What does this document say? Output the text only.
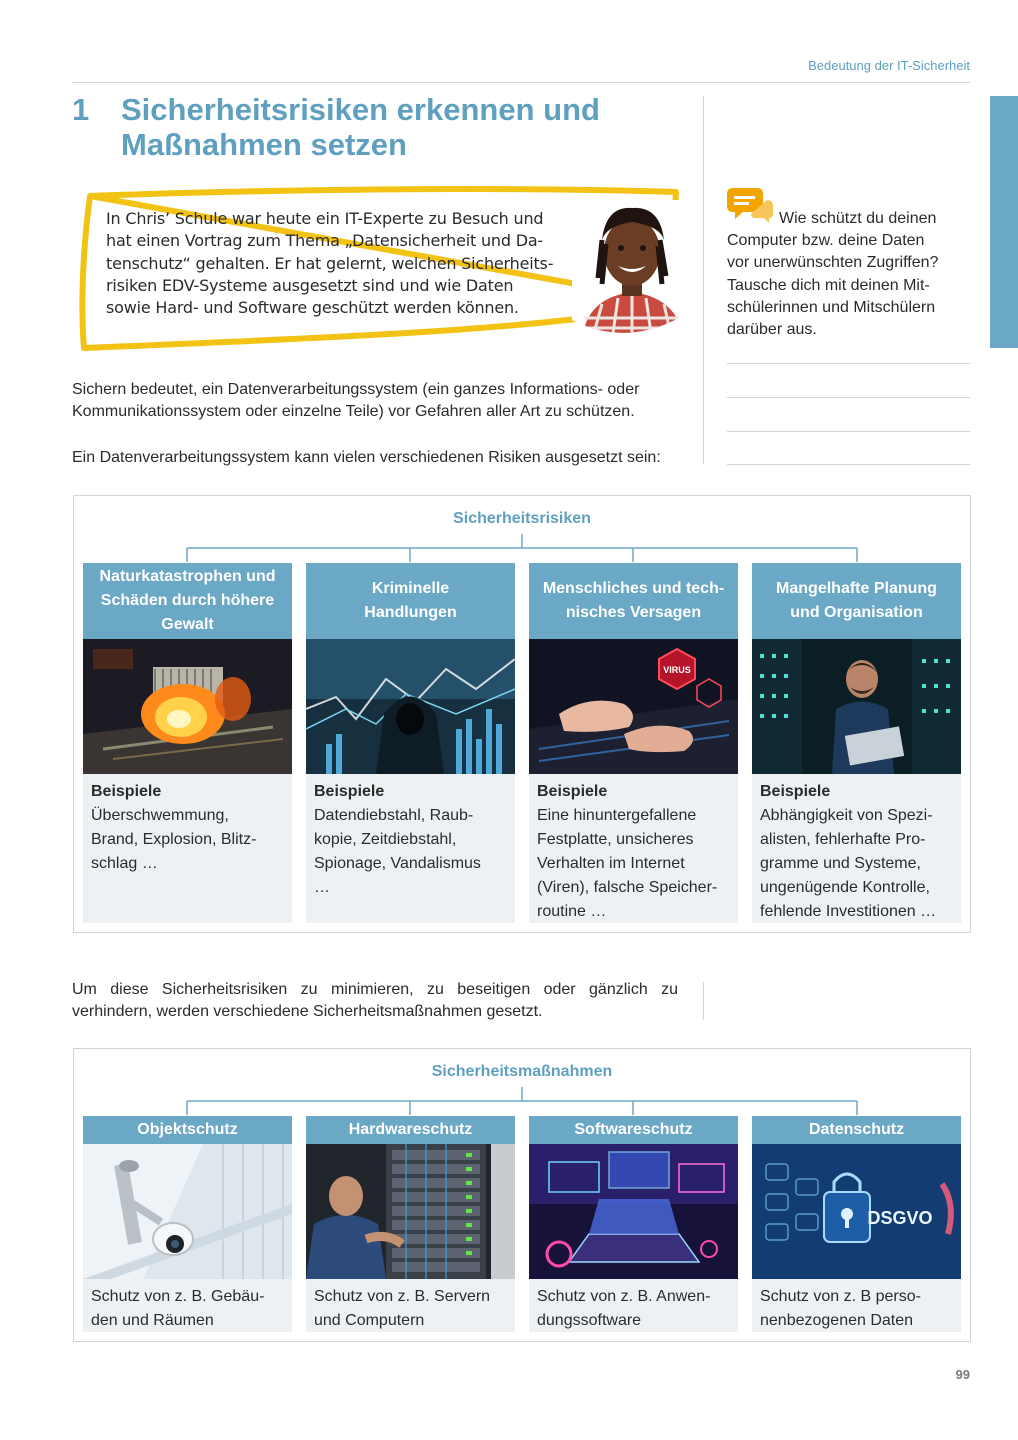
Bedeutung der IT-Sicherheit
1 Sicherheitsrisiken erkennen und
Maßnahmen setzen
In Chris’ Schule war heute ein IT-Experte zu Besuch und
hat einen Vortrag zum Thema „Datensicherheit und Da-
tenschutz“ gehalten. Er hat gelernt, welchen Sicherheits-
risiken EDV-Systeme ausgesetzt sind und wie Daten
sowie Hard- und Software geschützt werden können.
Wie schützt du deinen
Computer bzw. deine Daten
vor unerwünschten Zugriffen?
Tausche dich mit deinen Mit-
schülerinnen und Mitschülern
darüber aus.
Sichern bedeutet, ein Datenverarbeitungssystem (ein ganzes Informations- oder
Kommunikationssystem oder einzelne Teile) vor Gefahren aller Art zu schützen.
Ein Datenverarbeitungssystem kann vielen verschiedenen Risiken ausgesetzt sein:
Sicherheitsrisiken
Naturkatastrophen und
Schäden durch höhere
Gewalt
Beispiele
Überschwemmung,
Brand, Explosion, Blitz-
schlag …
Kriminelle
Handlungen
Beispiele
Datendiebstahl, Raub-
kopie, Zeitdiebstahl,
Spionage, Vandalismus
…
Menschliches und tech-
nisches Versagen
VIRUS
Beispiele
Eine hinuntergefallene
Festplatte, unsicheres
Verhalten im Internet
(Viren), falsche Speicher-
routine …
Mangelhafte Planung
und Organisation
Beispiele
Abhängigkeit von Spezi-
alisten, fehlerhafte Pro-
gramme und Systeme,
ungenügende Kontrolle,
fehlende Investitionen …
Um diese Sicherheitsrisiken zu minimieren, zu beseitigen oder gänzlich zu
verhindern, werden verschiedene Sicherheitsmaßnahmen gesetzt.
Sicherheitsmaßnahmen
Objektschutz
Schutz von z. B. Gebäu-
den und Räumen
Hardwareschutz
Schutz von z. B. Servern
und Computern
Softwareschutz
Schutz von z. B. Anwen-
dungssoftware
Datenschutz
DSGVO
Schutz von z. B perso-
nenbezogenen Daten
99
